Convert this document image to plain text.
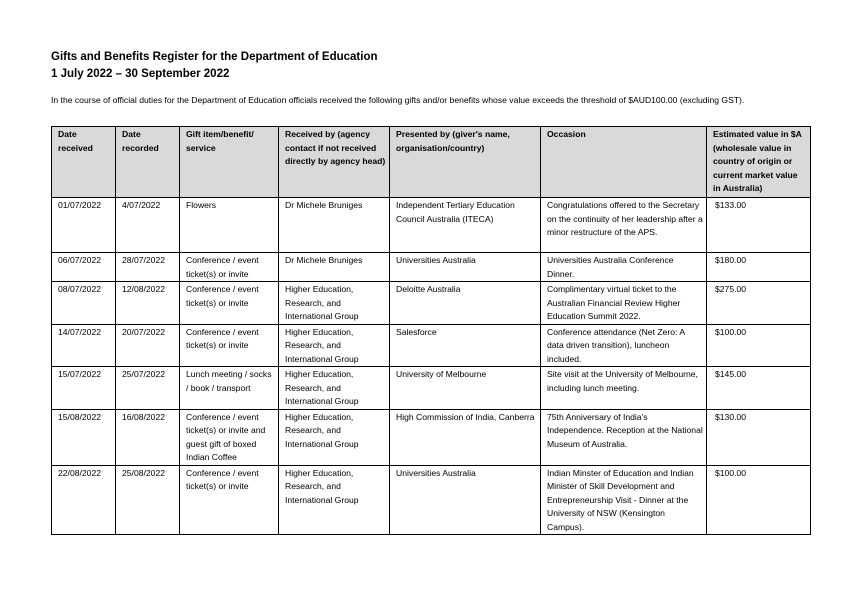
Gifts and Benefits Register for the Department of Education

1 July 2022 – 30 September 2022

In the course of official duties for the Department of Education officials received the following gifts and/or benefits whose value exceeds the threshold of $AUD100.00 (excluding GST).

Date received	Date recorded	Gift item/benefit/ service	Received by (agency contact if not received directly by agency head)	Presented by (giver's name, organisation/country)	Occasion	Estimated value in $A (wholesale value in country of origin or current market value in Australia)
01/07/2022	4/07/2022	Flowers	Dr Michele Bruniges	Independent Tertiary Education Council Australia (ITECA)	Congratulations offered to the Secretary on the continuity of her leadership after a minor restructure of the APS.	$133.00
06/07/2022	28/07/2022	Conference / event ticket(s) or invite	Dr Michele Bruniges	Universities Australia	Universities Australia Conference Dinner.	$180.00
08/07/2022	12/08/2022	Conference / event ticket(s) or invite	Higher Education, Research, and International Group	Deloitte Australia	Complimentary virtual ticket to the Australian Financial Review Higher Education Summit 2022.	$275.00
14/07/2022	20/07/2022	Conference / event ticket(s) or invite	Higher Education, Research, and International Group	Salesforce	Conference attendance (Net Zero: A data driven transition), luncheon included.	$100.00
15/07/2022	25/07/2022	Lunch meeting / socks / book / transport	Higher Education, Research, and International Group	University of Melbourne	Site visit at the University of Melbourne, including lunch meeting.	$145.00
15/08/2022	16/08/2022	Conference / event ticket(s) or invite and guest gift of boxed Indian Coffee	Higher Education, Research, and International Group	High Commission of India, Canberra	75th Anniversary of India's Independence. Reception at the National Museum of Australia.	$130.00
22/08/2022	25/08/2022	Conference / event ticket(s) or invite	Higher Education, Research, and International Group	Universities Australia	Indian Minster of Education and Indian Minister of Skill Development and Entrepreneurship Visit - Dinner at the University of NSW (Kensington Campus).	$100.00
